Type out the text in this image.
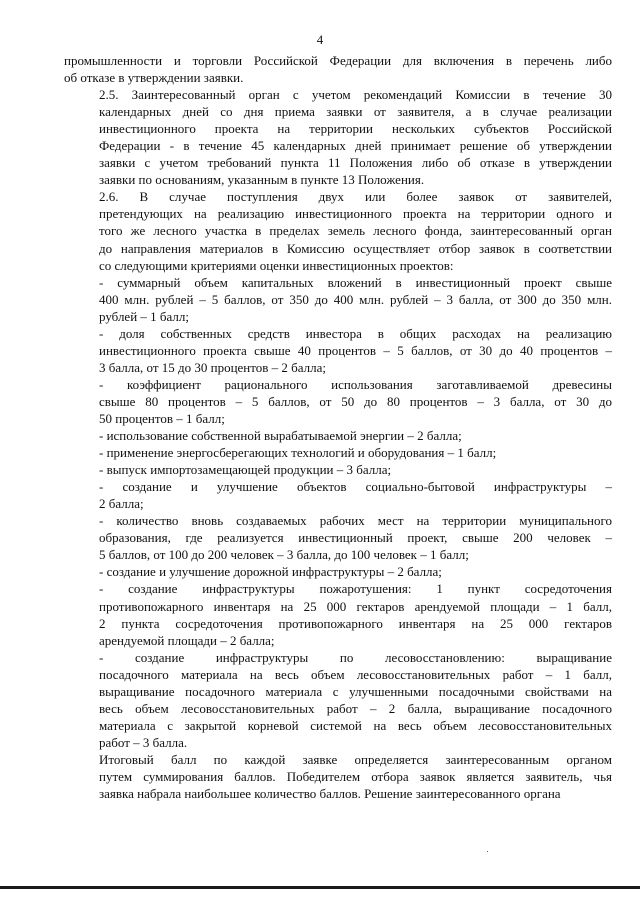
4

промышленности и торговли Российской Федерации для включения в перечень либо
об отказе в утверждении заявки.

2.5. Заинтересованный орган с учетом рекомендаций Комиссии в течение 30
календарных дней со дня приема заявки от заявителя, а в случае реализации
инвестиционного проекта на территории нескольких субъектов Российской
Федерации - в течение 45 календарных дней принимает решение об утверждении
заявки с учетом требований пункта 11 Положения либо об отказе в утверждении
заявки по основаниям, указанным в пункте 13 Положения.

2.6. В случае поступления двух или более заявок от заявителей,
претендующих на реализацию инвестиционного проекта на территории одного и
того же лесного участка в пределах земель лесного фонда, заинтересованный орган
до направления материалов в Комиссию осуществляет отбор заявок в соответствии
со следующими критериями оценки инвестиционных проектов:

- суммарный объем капитальных вложений в инвестиционный проект свыше
400 млн. рублей – 5 баллов, от 350 до 400 млн. рублей – 3 балла, от 300 до 350 млн.
рублей – 1 балл;

- доля собственных средств инвестора в общих расходах на реализацию
инвестиционного проекта свыше 40 процентов – 5 баллов, от 30 до 40 процентов –
3 балла, от 15 до 30 процентов – 2 балла;

- коэффициент рационального использования заготавливаемой древесины
свыше 80 процентов – 5 баллов, от 50 до 80 процентов – 3 балла, от 30 до
50 процентов – 1 балл;

- использование собственной вырабатываемой энергии – 2 балла;

- применение энергосберегающих технологий и оборудования – 1 балл;

- выпуск импортозамещающей продукции – 3 балла;

- создание и улучшение объектов социально-бытовой инфраструктуры –
2 балла;

- количество вновь создаваемых рабочих мест на территории муниципального
образования, где реализуется инвестиционный проект, свыше 200 человек –
5 баллов, от 100 до 200 человек – 3 балла, до 100 человек – 1 балл;

- создание и улучшение дорожной инфраструктуры – 2 балла;

- создание инфраструктуры пожаротушения: 1 пункт сосредоточения
противопожарного инвентаря на 25 000 гектаров арендуемой площади – 1 балл,
2 пункта сосредоточения противопожарного инвентаря на 25 000 гектаров
арендуемой площади – 2 балла;

- создание инфраструктуры по лесовосстановлению: выращивание
посадочного материала на весь объем лесовосстановительных работ – 1 балл,
выращивание посадочного материала с улучшенными посадочными свойствами на
весь объем лесовосстановительных работ – 2 балла, выращивание посадочного
материала с закрытой корневой системой на весь объем лесовосстановительных
работ – 3 балла.

Итоговый балл по каждой заявке определяется заинтересованным органом
путем суммирования баллов. Победителем отбора заявок является заявитель, чья
заявка набрала наибольшее количество баллов. Решение заинтересованного органа
